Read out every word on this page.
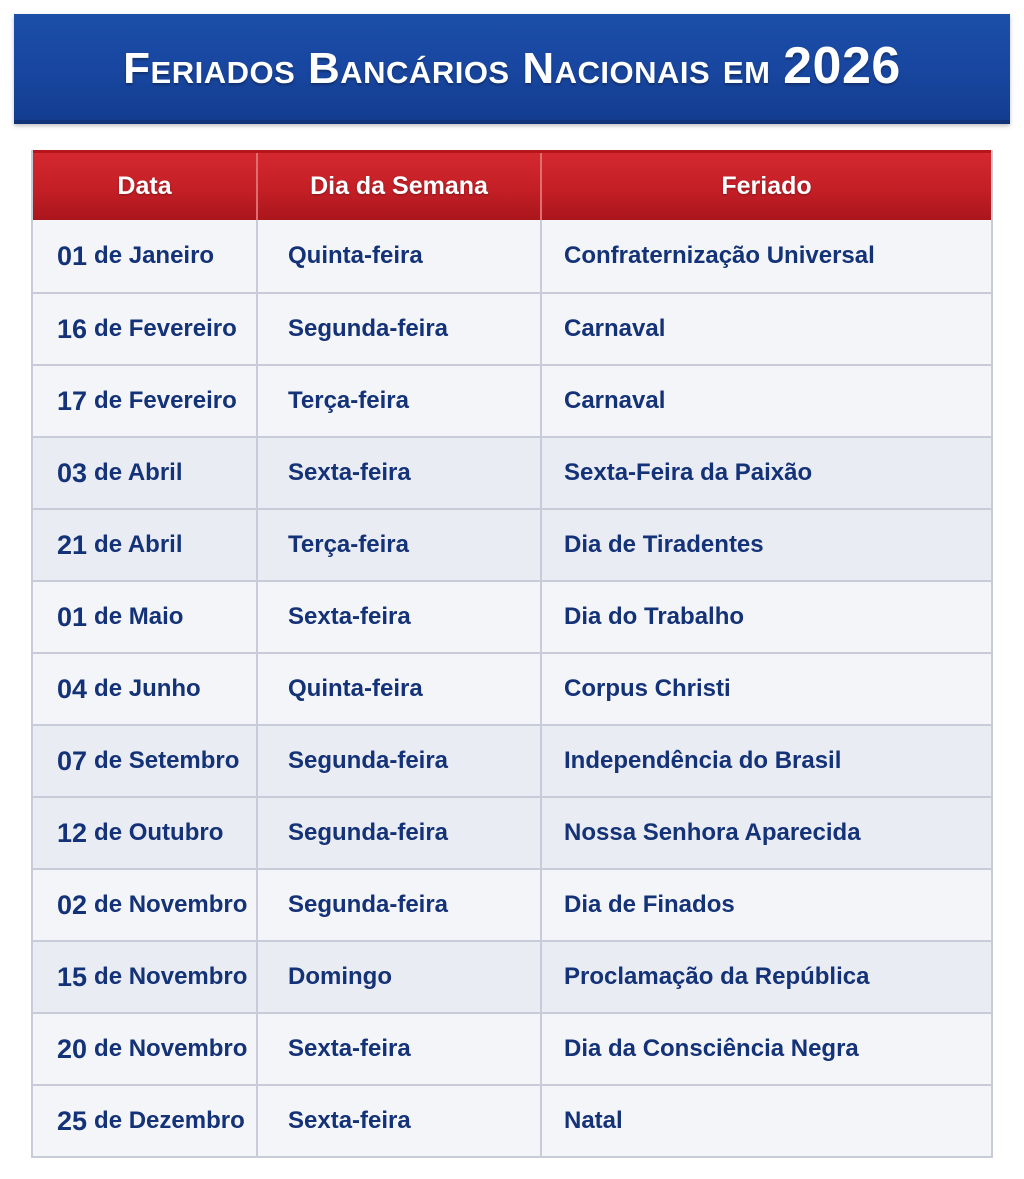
Feriados Bancários Nacionais em 2026
Data	Dia da Semana	Feriado
01 de Janeiro	Quinta-feira	Confraternização Universal
16 de Fevereiro	Segunda-feira	Carnaval
17 de Fevereiro	Terça-feira	Carnaval
03 de Abril	Sexta-feira	Sexta-Feira da Paixão
21 de Abril	Terça-feira	Dia de Tiradentes
01 de Maio	Sexta-feira	Dia do Trabalho
04 de Junho	Quinta-feira	Corpus Christi
07 de Setembro	Segunda-feira	Independência do Brasil
12 de Outubro	Segunda-feira	Nossa Senhora Aparecida
02 de Novembro	Segunda-feira	Dia de Finados
15 de Novembro	Domingo	Proclamação da República
20 de Novembro	Sexta-feira	Dia da Consciência Negra
25 de Dezembro	Sexta-feira	Natal
